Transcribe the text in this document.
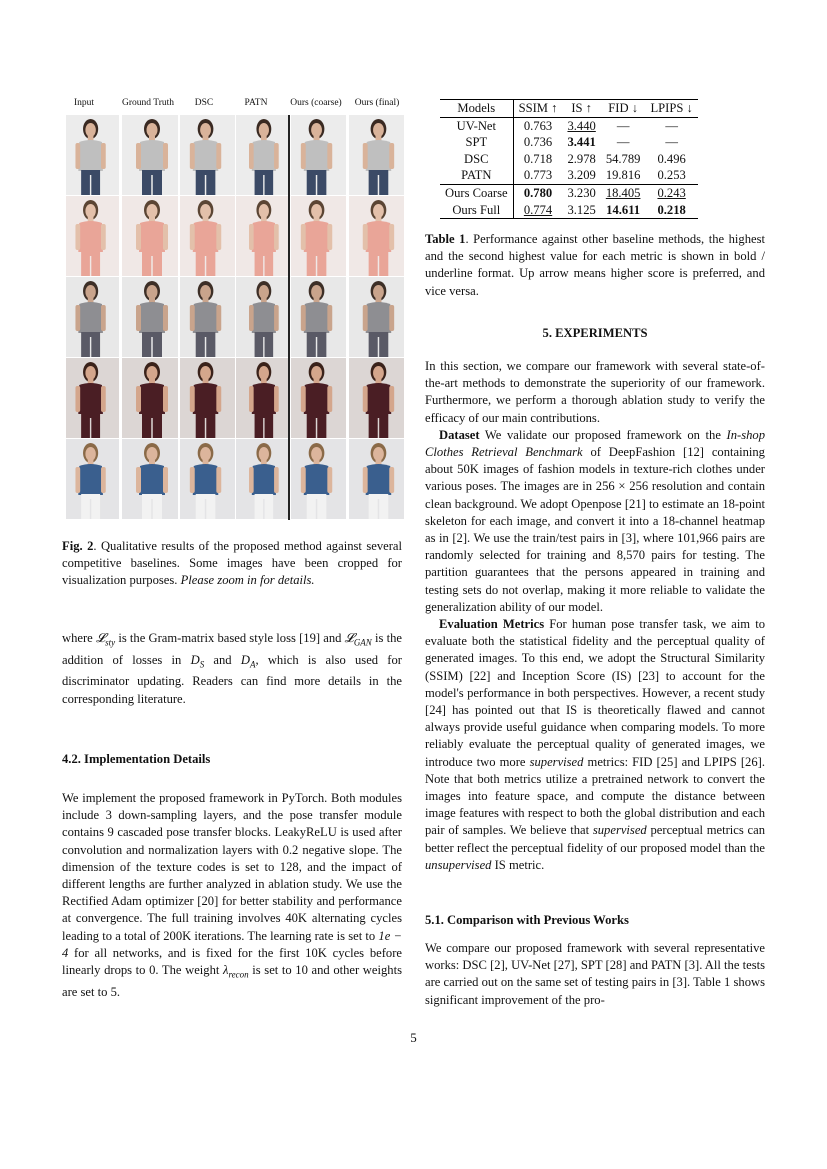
Input	Ground Truth	DSC	PATN	Ours (coarse)	Ours (final)

Fig. 2. Qualitative results of the proposed method against several competitive baselines. Some images have been cropped for visualization purposes. Please zoom in for details.

where 𝓛$_{sty}$ is the Gram-matrix based style loss [19] and 𝓛$_{GAN}$ is the addition of losses in $D_S$ and $D_A$, which is also used for discriminator updating. Readers can find more details in the corresponding literature.

4.2. Implementation Details

We implement the proposed framework in PyTorch. Both modules include 3 down-sampling layers, and the pose transfer module contains 9 cascaded pose transfer blocks. LeakyReLU is used after convolution and normalization layers with 0.2 negative slope. The dimension of the texture codes is set to 128, and the impact of different lengths are further analyzed in ablation study. We use the Rectified Adam optimizer [20] for better stability and performance at convergence. The full training involves 40K alternating cycles leading to a total of 200K iterations. The learning rate is set to 1e − 4 for all networks, and is fixed for the first 10K cycles before linearly drops to 0. The weight $\lambda_{recon}$ is set to 10 and other weights are set to 5.

Models	SSIM ↑	IS ↑	FID ↓	LPIPS ↓
UV-Net	0.763	3.440	—	—
SPT	0.736	3.441	—	—
DSC	0.718	2.978	54.789	0.496
PATN	0.773	3.209	19.816	0.253
Ours Coarse	0.780	3.230	18.405	0.243
Ours Full	0.774	3.125	14.611	0.218

Table 1. Performance against other baseline methods, the highest and the second highest value for each metric is shown in bold / underline format. Up arrow means higher score is preferred, and vice versa.

5. EXPERIMENTS

In this section, we compare our framework with several state-of-the-art methods to demonstrate the superiority of our framework. Furthermore, we perform a thorough ablation study to verify the efficacy of our main contributions.

Dataset We validate our proposed framework on the In-shop Clothes Retrieval Benchmark of DeepFashion [12] containing about 50K images of fashion models in texture-rich clothes under various poses. The images are in 256 × 256 resolution and contain clean background. We adopt Openpose [21] to estimate an 18-point skeleton for each image, and convert it into a 18-channel heatmap as in [2]. We use the train/test pairs in [3], where 101,966 pairs are randomly selected for training and 8,570 pairs for testing. The partition guarantees that the persons appeared in training and testing sets do not overlap, making it more reliable to validate the generalization ability of our model.

Evaluation Metrics For human pose transfer task, we aim to evaluate both the statistical fidelity and the perceptual quality of generated images. To this end, we adopt the Structural Similarity (SSIM) [22] and Inception Score (IS) [23] to account for the model's performance in both perspectives. However, a recent study [24] has pointed out that IS is theoretically flawed and cannot always provide useful guidance when comparing models. To more reliably evaluate the perceptual quality of generated images, we introduce two more supervised metrics: FID [25] and LPIPS [26]. Note that both metrics utilize a pretrained network to convert the images into feature space, and compute the distance between image features with respect to both the global distribution and each pair of samples. We believe that supervised perceptual metrics can better reflect the perceptual fidelity of our proposed model than the unsupervised IS metric.

5.1. Comparison with Previous Works
We compare our proposed framework with several representative works: DSC [2], UV-Net [27], SPT [28] and PATN [3]. All the tests are carried out on the same set of testing pairs in [3]. Table 1 shows significant improvement of the pro-
5
